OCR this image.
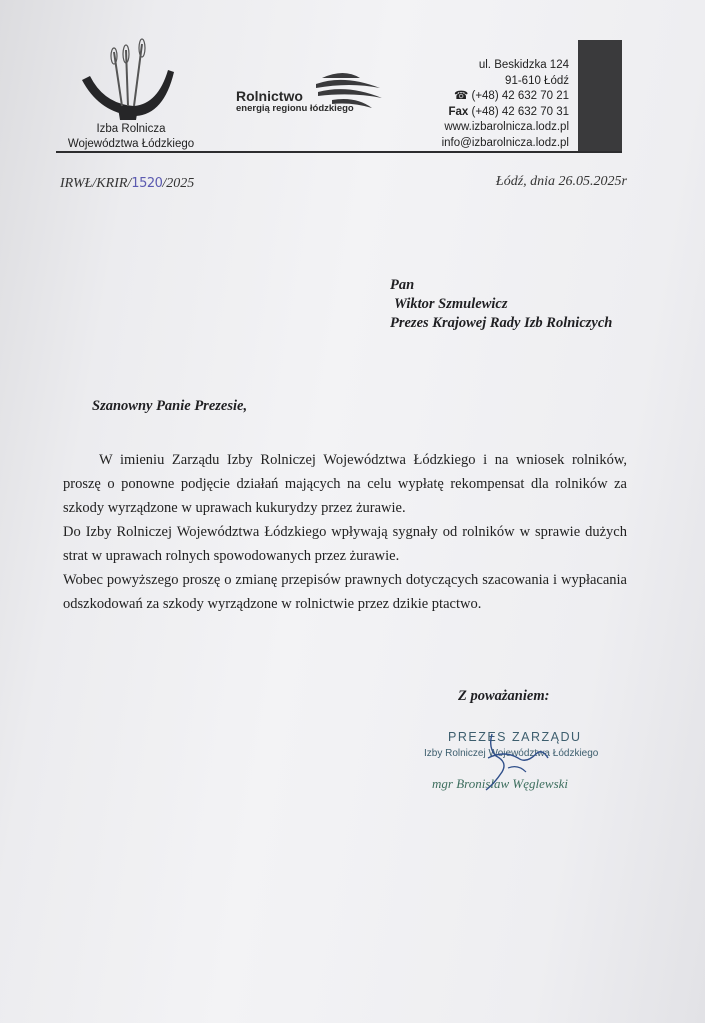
Izba Rolnicza
Województwa Łódzkiego
Rolnictwo
energią regionu łódzkiego
ul. Beskidzka 124
91-610 Łódź
☎ (+48) 42 632 70 21
Fax (+48) 42 632 70 31
www.izbarolnicza.lodz.pl
info@izbarolnicza.lodz.pl
IRWŁ/KRIR/1520/2025	Łódź, dnia 26.05.2025r
Pan
Wiktor Szmulewicz
Prezes Krajowej Rady Izb Rolniczych
Szanowny Panie Prezesie,

W imieniu Zarządu Izby Rolniczej Województwa Łódzkiego i na wniosek rolników, proszę o ponowne podjęcie działań mających na celu wypłatę rekompensat dla rolników za szkody wyrządzone w uprawach kukurydzy przez żurawie.

Do Izby Rolniczej Województwa Łódzkiego wpływają sygnały od rolników w sprawie dużych strat w uprawach rolnych spowodowanych przez żurawie.

Wobec powyższego proszę o zmianę przepisów prawnych dotyczących szacowania i wypłacania odszkodowań za szkody wyrządzone w rolnictwie przez dzikie ptactwo.

Z poważaniem:
PREZES ZARZĄDU
Izby Rolniczej Województwa Łódzkiego
mgr Bronisław Węglewski
